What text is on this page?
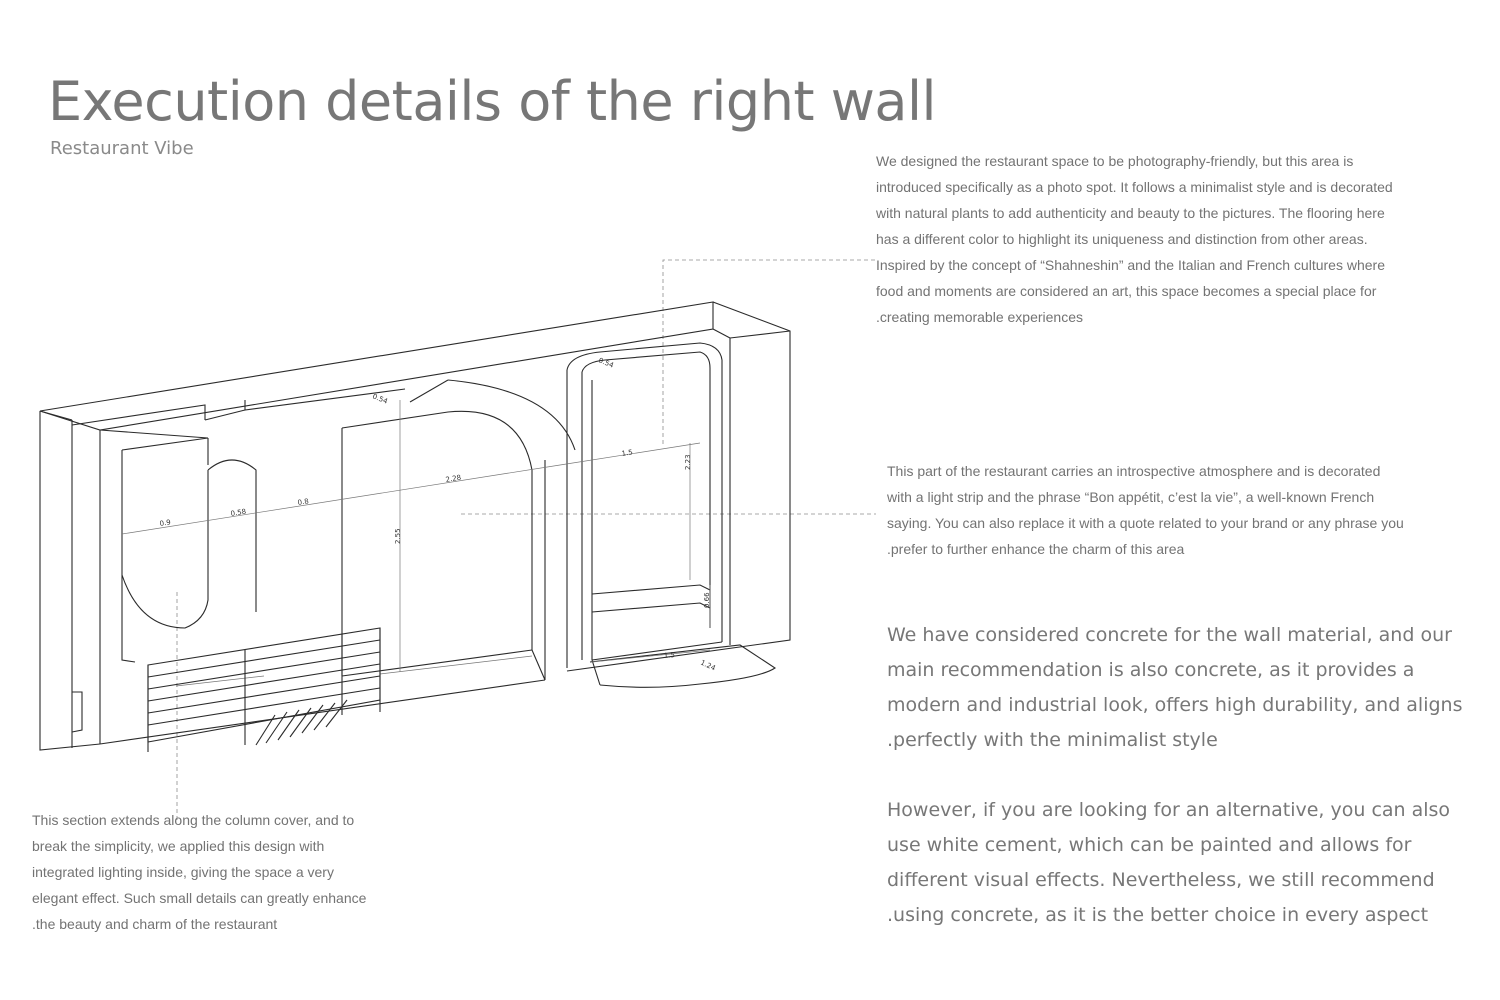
Execution details of the right wall
Restaurant Vibe
0.9
0.58
0.8
2.28
2.55
0.54
1.5
0.54
2.23
0.66
1.5
1.24

We designed the restaurant space to be photography-friendly, but this area is
introduced specifically as a photo spot. It follows a minimalist style and is decorated
with natural plants to add authenticity and beauty to the pictures. The flooring here
has a different color to highlight its uniqueness and distinction from other areas.
Inspired by the concept of “Shahneshin” and the Italian and French cultures where
food and moments are considered an art, this space becomes a special place for
.creating memorable experiences

This part of the restaurant carries an introspective atmosphere and is decorated
with a light strip and the phrase “Bon appétit, c’est la vie”, a well-known French
saying. You can also replace it with a quote related to your brand or any phrase you
.prefer to further enhance the charm of this area

We have considered concrete for the wall material, and our
main recommendation is also concrete, as it provides a
modern and industrial look, offers high durability, and aligns
.perfectly with the minimalist style

However, if you are looking for an alternative, you can also
use white cement, which can be painted and allows for
different visual effects. Nevertheless, we still recommend
.using concrete, as it is the better choice in every aspect

This section extends along the column cover, and to
break the simplicity, we applied this design with
integrated lighting inside, giving the space a very
elegant effect. Such small details can greatly enhance
.the beauty and charm of the restaurant
